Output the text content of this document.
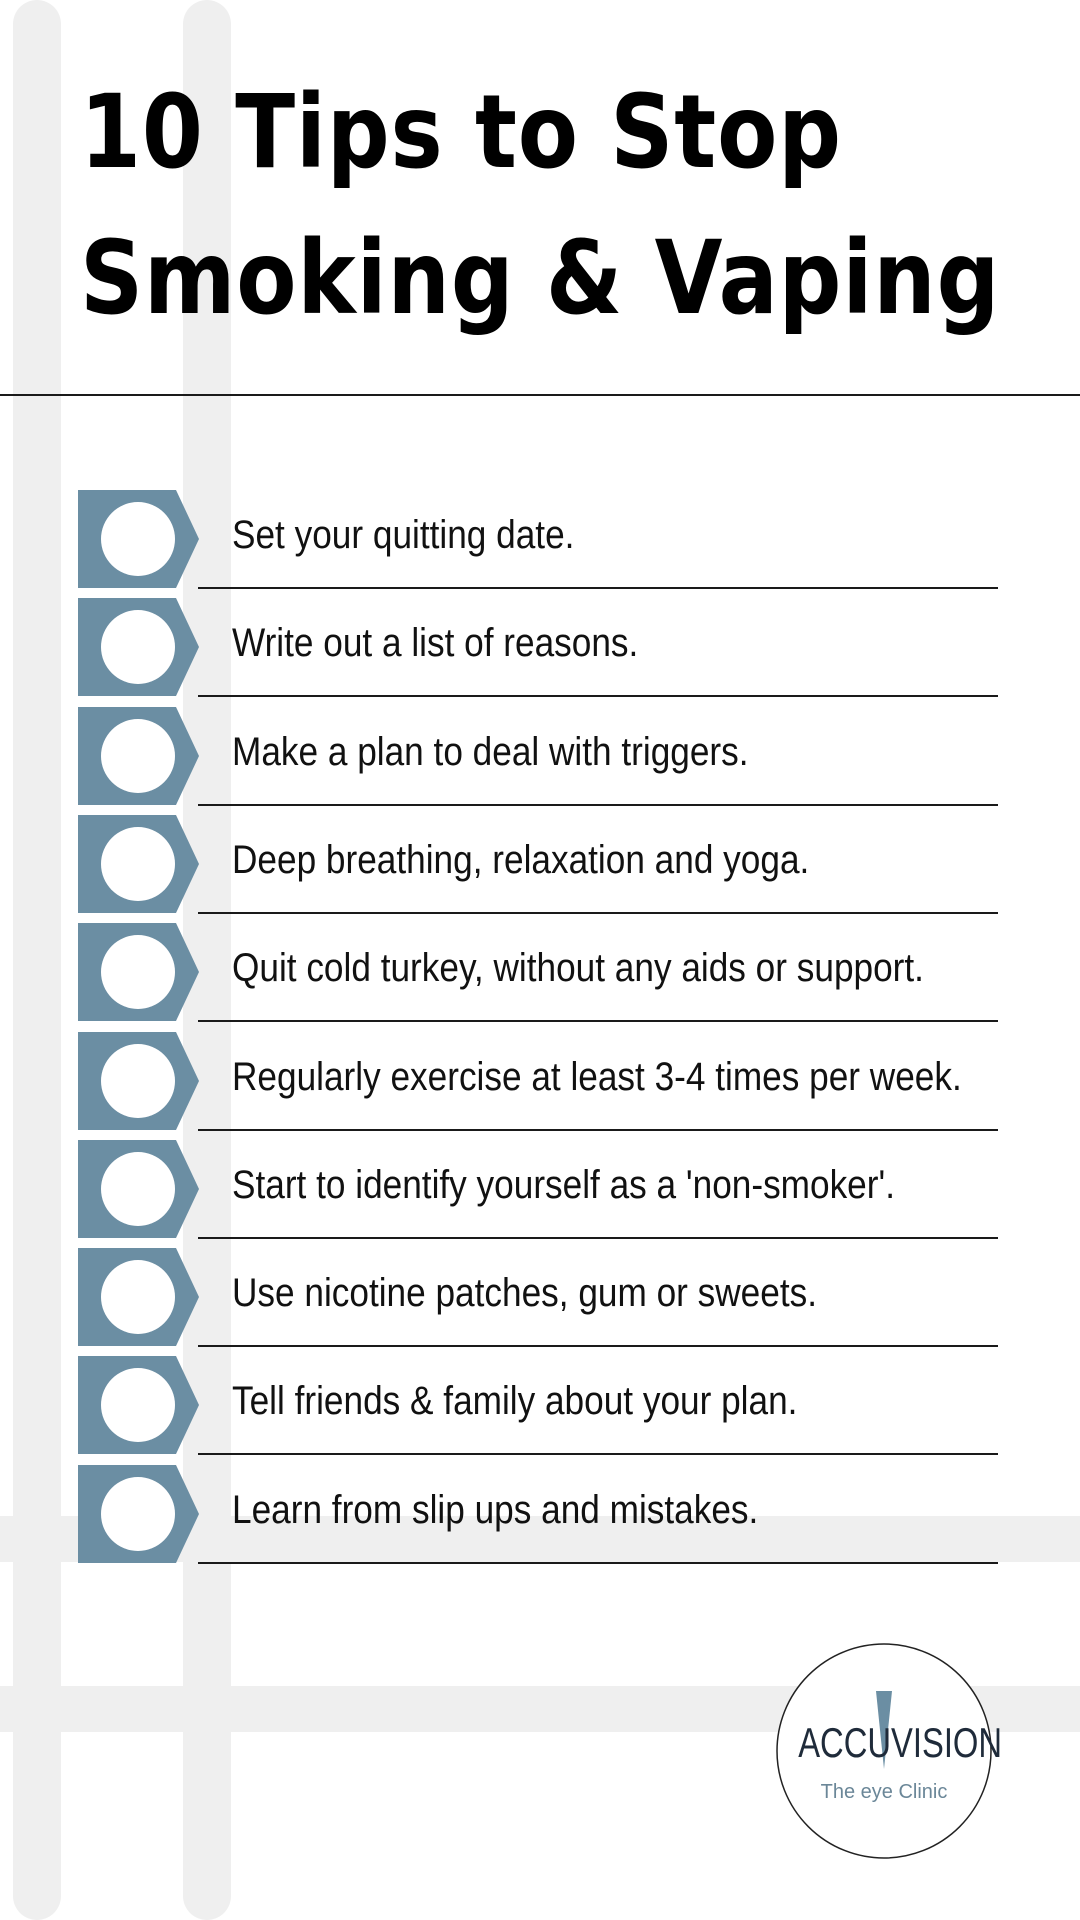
10 Tips to Stop
Smoking & Vaping
Set your quitting date.
Write out a list of reasons.
Make a plan to deal with triggers.
Deep breathing, relaxation and yoga.
Quit cold turkey, without any aids or support.
Regularly exercise at least 3-4 times per week.
Start to identify yourself as a 'non-smoker'.
Use nicotine patches, gum or sweets.
Tell friends & family about your plan.
Learn from slip ups and mistakes.
ACCUVISION
The eye Clinic
